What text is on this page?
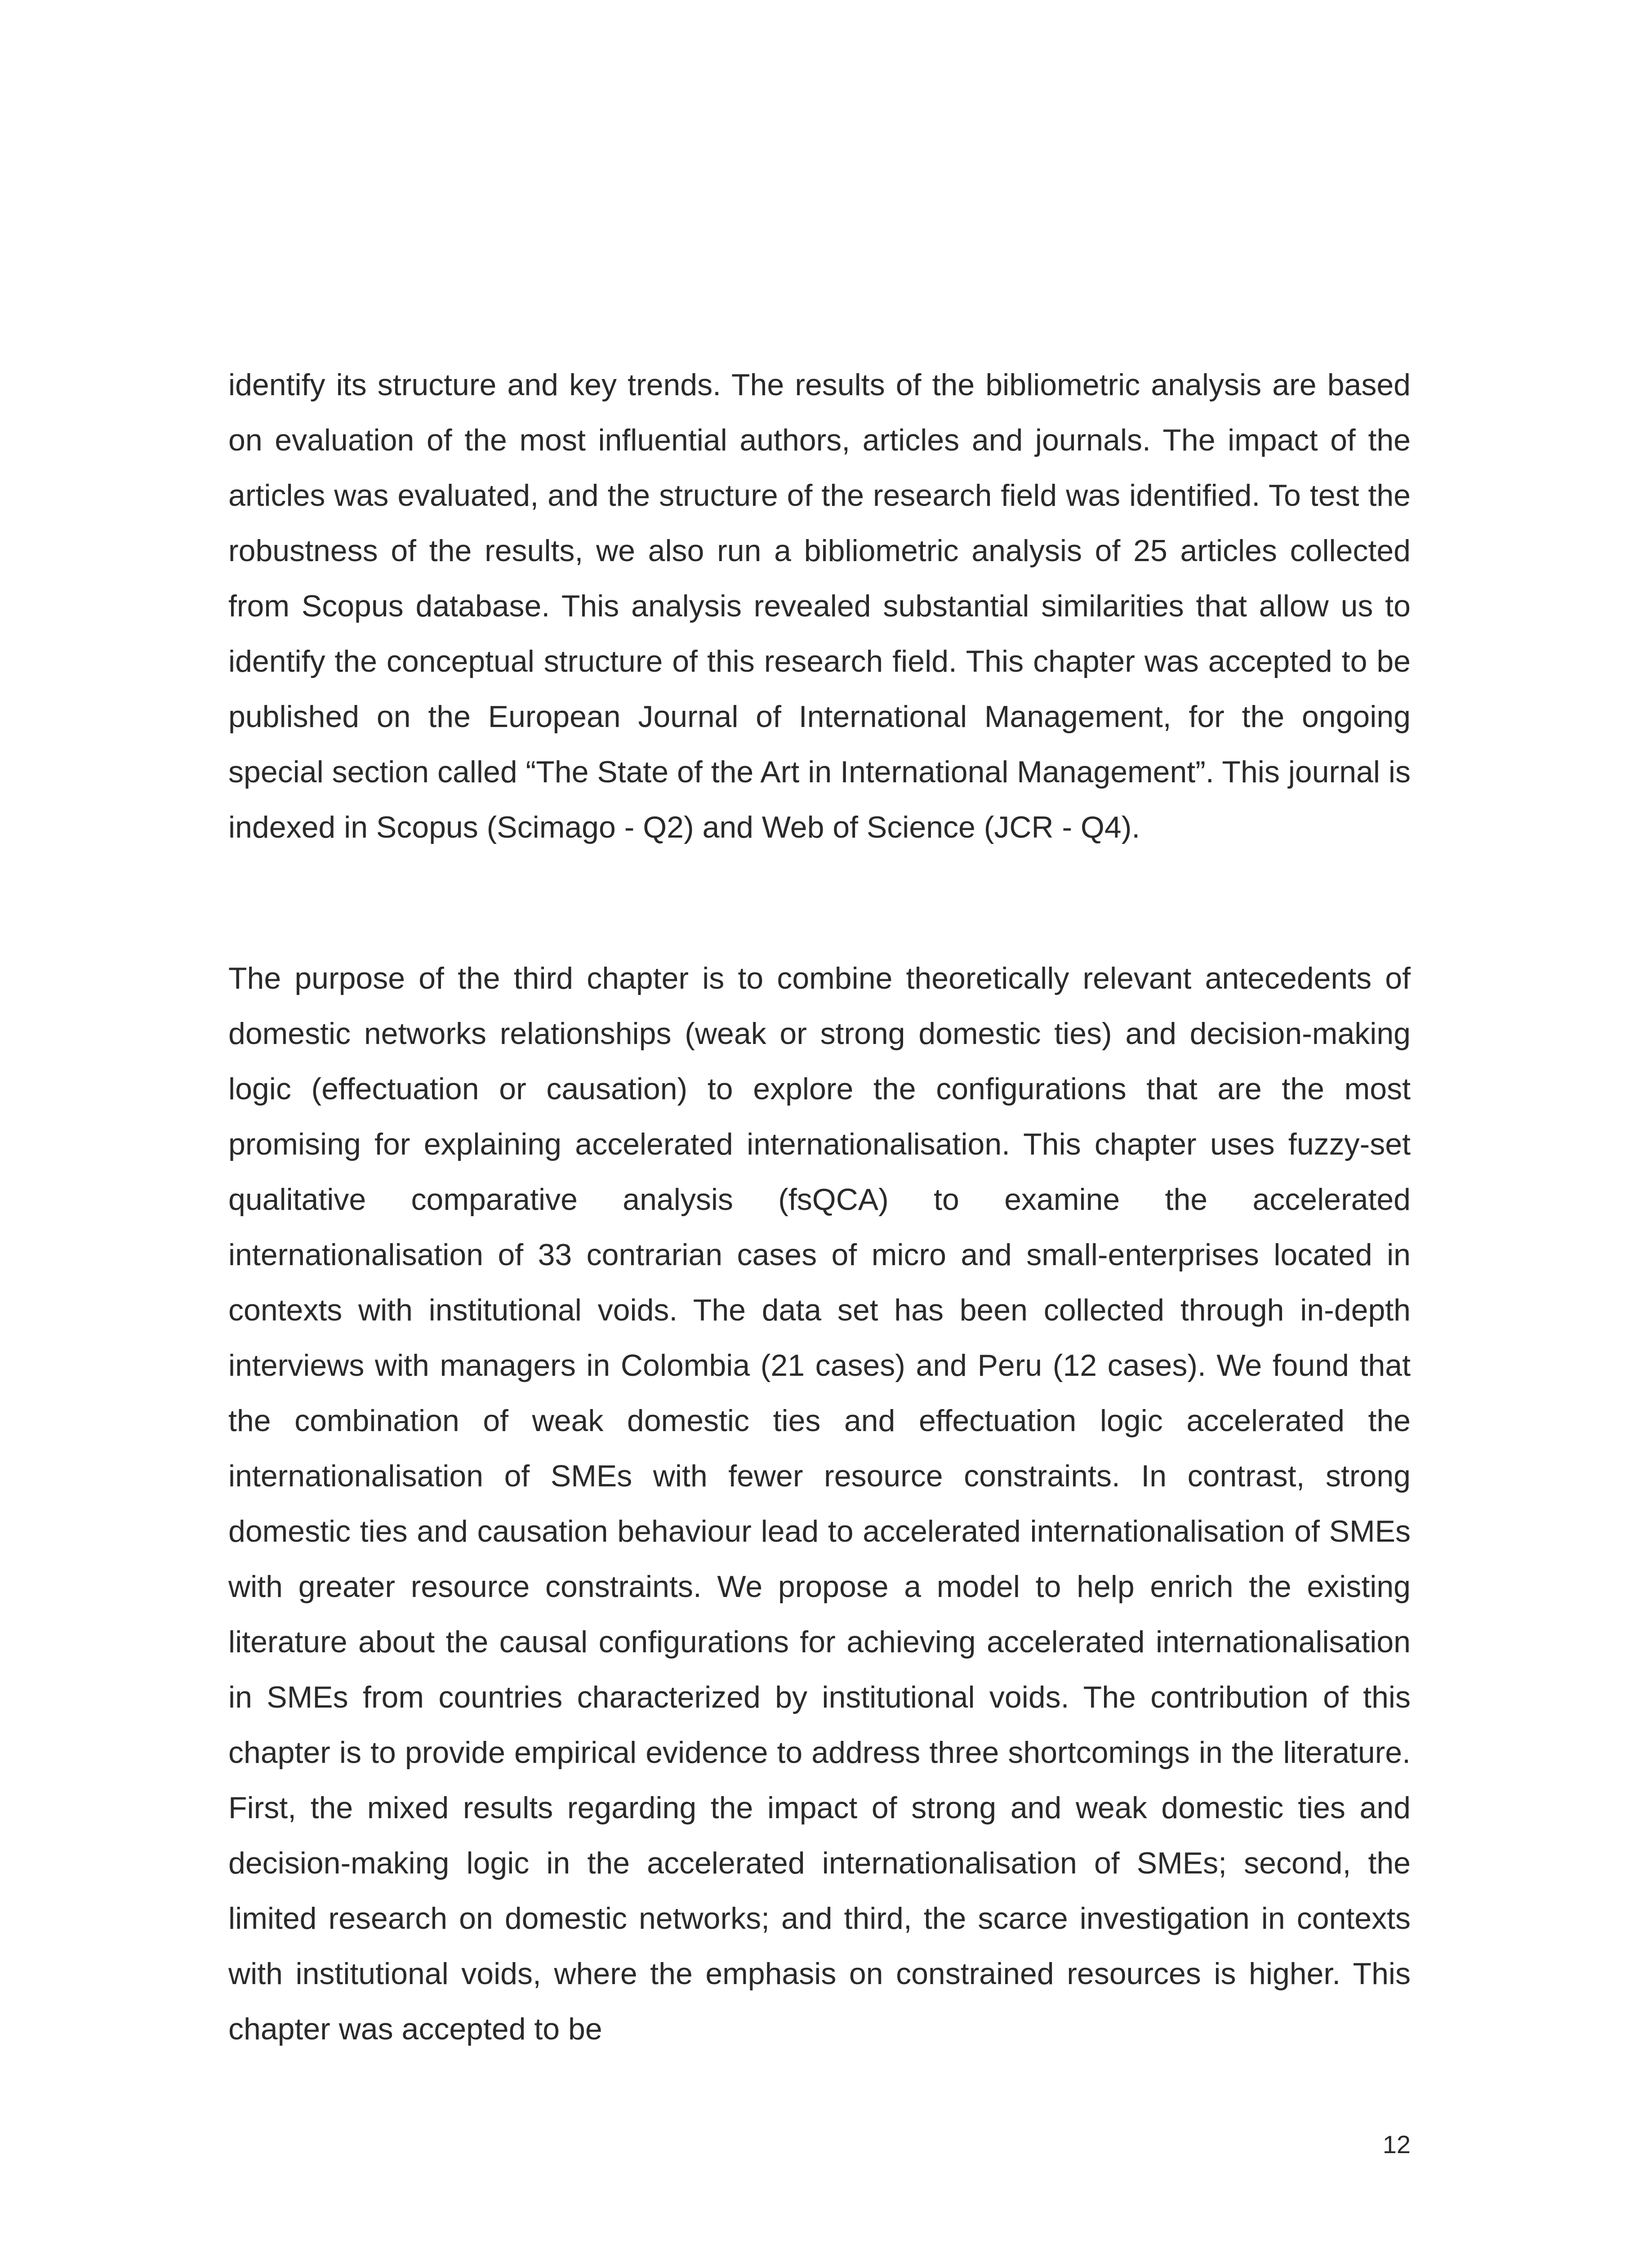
identify its structure and key trends. The results of the bibliometric analysis are based on evaluation of the most influential authors, articles and journals. The impact of the articles was evaluated, and the structure of the research field was identified. To test the robustness of the results, we also run a bibliometric analysis of 25 articles collected from Scopus database. This analysis revealed substantial similarities that allow us to identify the conceptual structure of this research field. This chapter was accepted to be published on the European Journal of International Management, for the ongoing special section called “The State of the Art in International Management”. This journal is indexed in Scopus (Scimago - Q2) and Web of Science (JCR - Q4).

The purpose of the third chapter is to combine theoretically relevant antecedents of domestic networks relationships (weak or strong domestic ties) and decision-making logic (effectuation or causation) to explore the configurations that are the most promising for explaining accelerated internationalisation. This chapter uses fuzzy-set qualitative comparative analysis (fsQCA) to examine the accelerated internationalisation of 33 contrarian cases of micro and small-enterprises located in contexts with institutional voids. The data set has been collected through in-depth interviews with managers in Colombia (21 cases) and Peru (12 cases). We found that the combination of weak domestic ties and effectuation logic accelerated the internationalisation of SMEs with fewer resource constraints. In contrast, strong domestic ties and causation behaviour lead to accelerated internationalisation of SMEs with greater resource constraints. We propose a model to help enrich the existing literature about the causal configurations for achieving accelerated internationalisation in SMEs from countries characterized by institutional voids. The contribution of this chapter is to provide empirical evidence to address three shortcomings in the literature. First, the mixed results regarding the impact of strong and weak domestic ties and decision-making logic in the accelerated internationalisation of SMEs; second, the limited research on domestic networks; and third, the scarce investigation in contexts with institutional voids, where the emphasis on constrained resources is higher. This chapter was accepted to be

12
